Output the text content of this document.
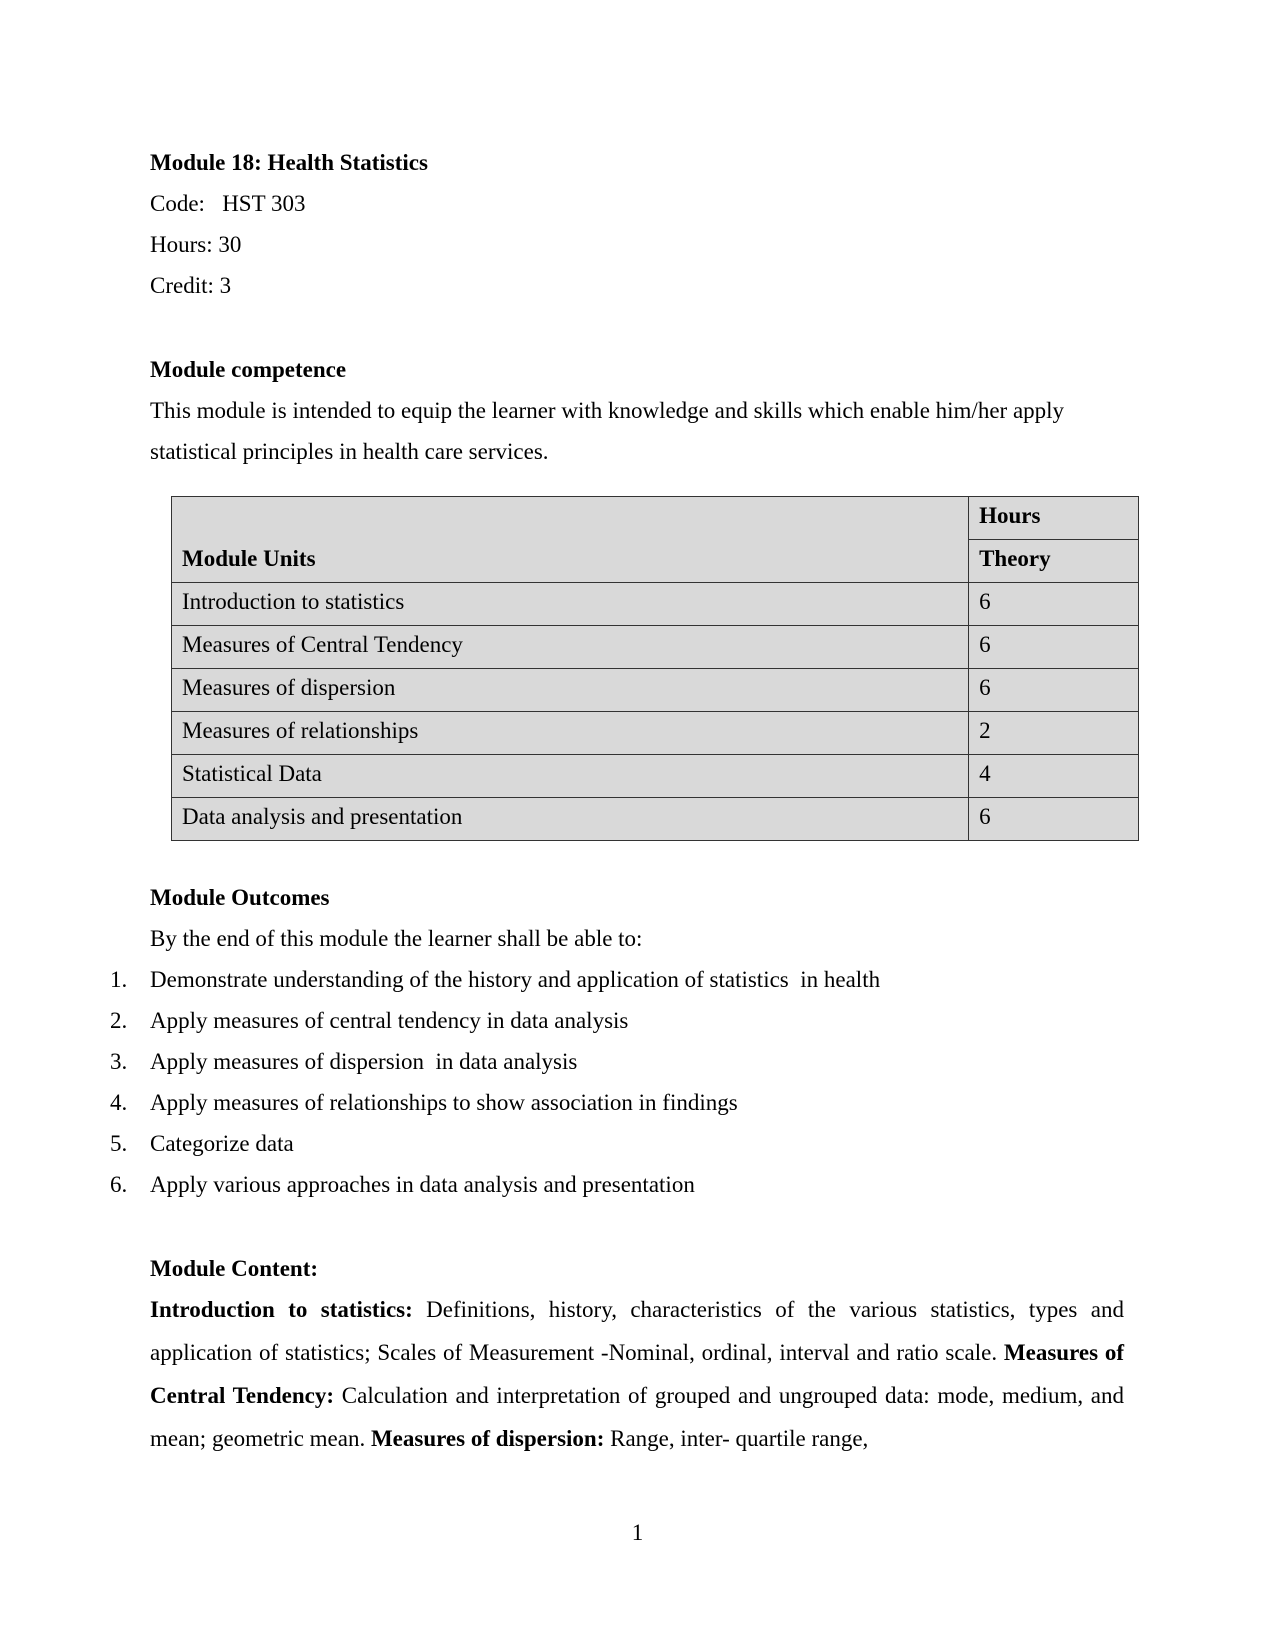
Module 18: Health Statistics
Code:   HST 303
Hours: 30
Credit: 3
Module competence
This module is intended to equip the learner with knowledge and skills which enable him/her apply
statistical principles in health care services.
Module Units	Hours
	Theory
Introduction to statistics	6
Measures of Central Tendency	6
Measures of dispersion	6
Measures of relationships	2
Statistical Data	4
Data analysis and presentation	6
Module Outcomes
By the end of this module the learner shall be able to:
1. Demonstrate understanding of the history and application of statistics  in health
2. Apply measures of central tendency in data analysis
3. Apply measures of dispersion  in data analysis
4. Apply measures of relationships to show association in findings
5. Categorize data
6. Apply various approaches in data analysis and presentation
Module Content:
Introduction to statistics: Definitions, history, characteristics of the various statistics, types and application of statistics; Scales of Measurement -Nominal, ordinal, interval and ratio scale. Measures of Central Tendency: Calculation and interpretation of grouped and ungrouped data: mode, medium, and mean; geometric mean. Measures of dispersion: Range, inter- quartile range,
1
